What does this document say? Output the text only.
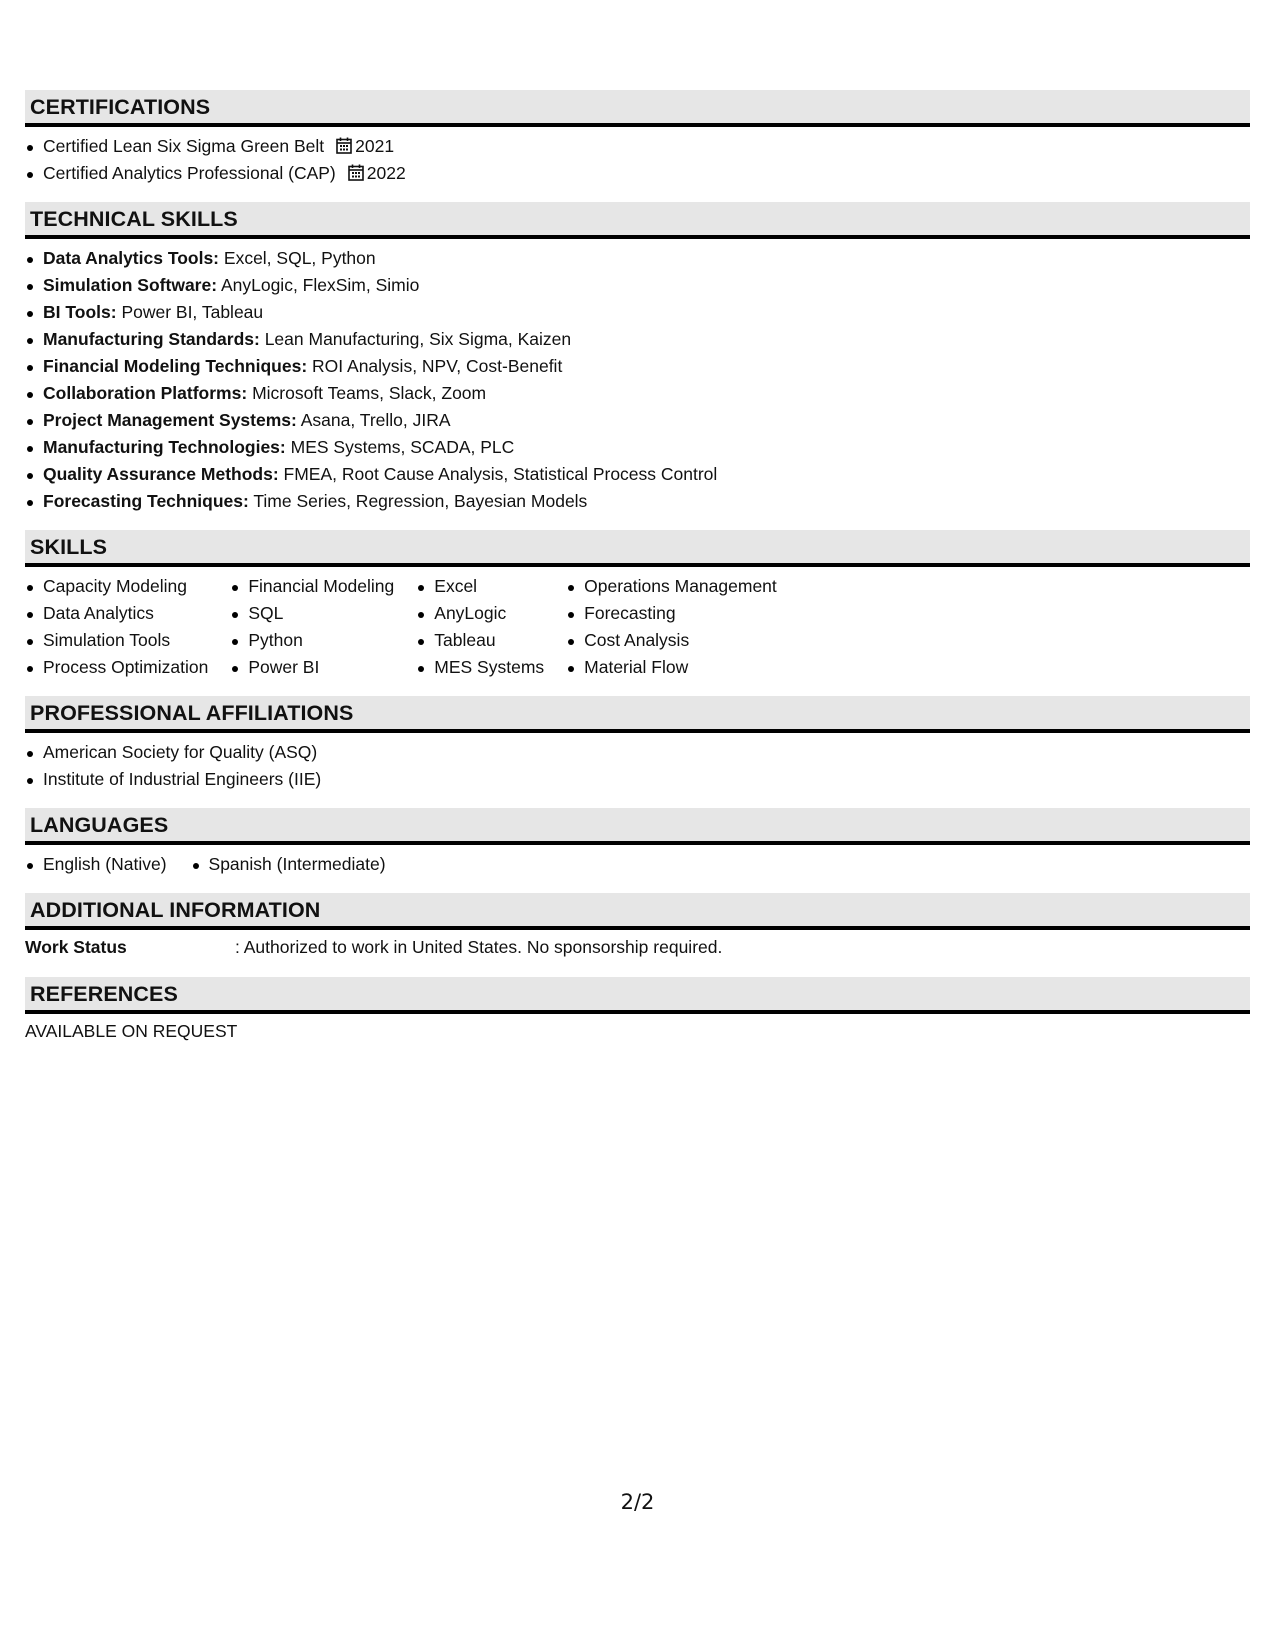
CERTIFICATIONS
Certified Lean Six Sigma Green Belt 2021
Certified Analytics Professional (CAP) 2022
TECHNICAL SKILLS
Data Analytics Tools: Excel, SQL, Python
Simulation Software: AnyLogic, FlexSim, Simio
BI Tools: Power BI, Tableau
Manufacturing Standards: Lean Manufacturing, Six Sigma, Kaizen
Financial Modeling Techniques: ROI Analysis, NPV, Cost-Benefit
Collaboration Platforms: Microsoft Teams, Slack, Zoom
Project Management Systems: Asana, Trello, JIRA
Manufacturing Technologies: MES Systems, SCADA, PLC
Quality Assurance Methods: FMEA, Root Cause Analysis, Statistical Process Control
Forecasting Techniques: Time Series, Regression, Bayesian Models
SKILLS
Capacity Modeling
Data Analytics
Simulation Tools
Process Optimization
Financial Modeling
SQL
Python
Power BI
Excel
AnyLogic
Tableau
MES Systems
Operations Management
Forecasting
Cost Analysis
Material Flow
PROFESSIONAL AFFILIATIONS
American Society for Quality (ASQ)
Institute of Industrial Engineers (IIE)
LANGUAGES
English (Native)	Spanish (Intermediate)
ADDITIONAL INFORMATION
Work Status	: Authorized to work in United States. No sponsorship required.
REFERENCES
AVAILABLE ON REQUEST
2/2
